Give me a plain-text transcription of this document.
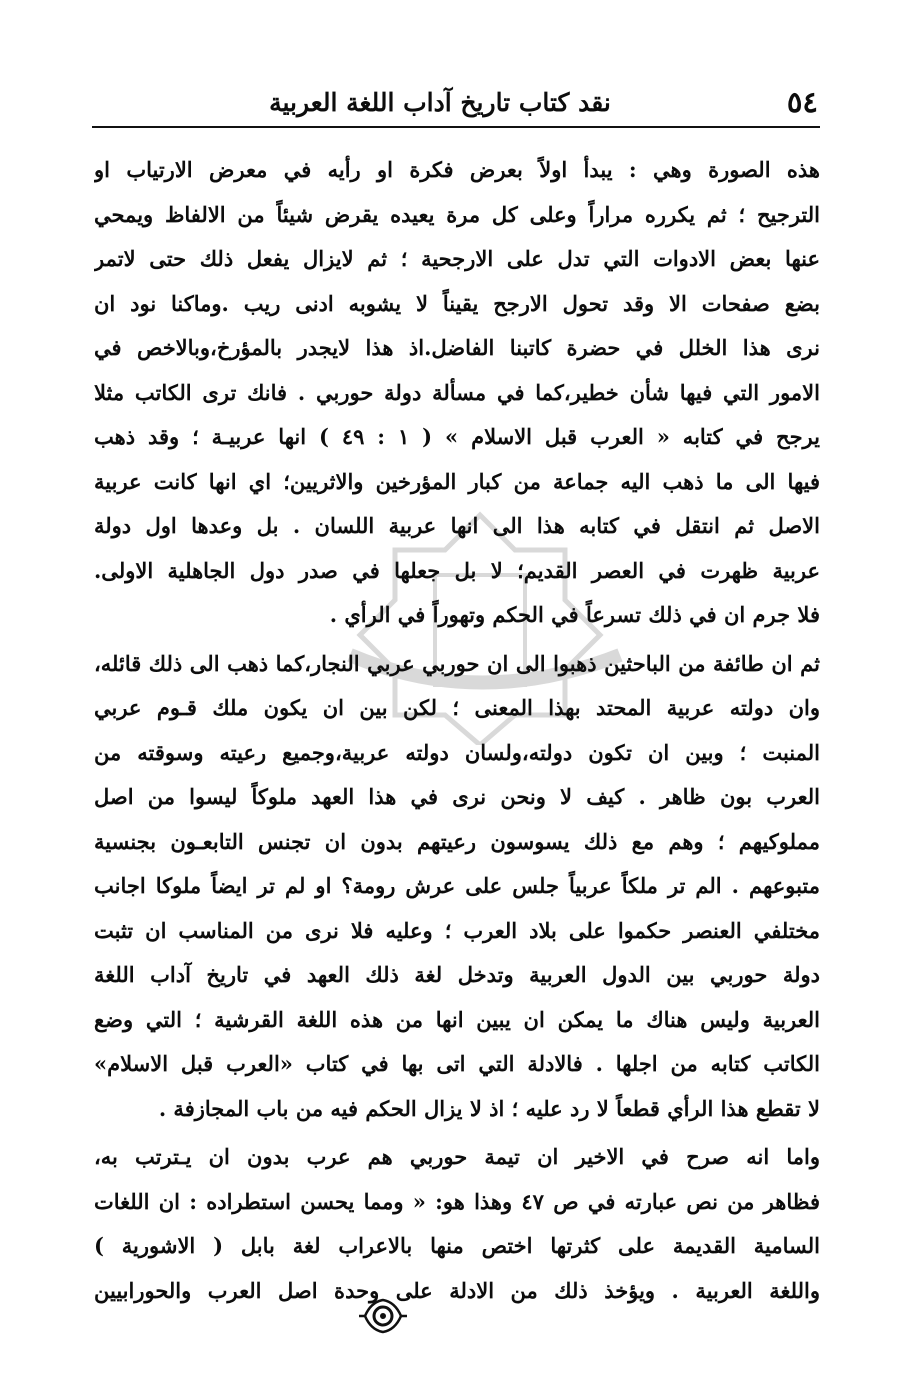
٥٤
نقد كتاب تاريخ آداب اللغة العربية
هذه الصورة وهي : يبدأ اولاً بعرض فكرة او رأيه في معرض الارتياب او
الترجيح ؛ ثم يكرره مراراً وعلى كل مرة يعيده يقرض شيئاً من الالفاظ ويمحي
عنها بعض الادوات التي تدل على الارجحية ؛ ثم لايزال يفعل ذلك حتى لاتمر
بضع صفحات الا وقد تحول الارجح يقيناً لا يشوبه ادنى ريب .وماكنا نود ان
نرى هذا الخلل في حضرة كاتبنا الفاضل.اذ هذا لايجدر بالمؤرخ،وبالاخص في
الامور التي فيها شأن خطير،كما في مسألة دولة حوربي . فانك ترى الكاتب مثلا
يرجح في كتابه « العرب قبل الاسلام » ( ١ : ٤٩ ) انها عربيـة ؛ وقد ذهب
فيها الى ما ذهب اليه جماعة من كبار المؤرخين والاثريين؛ اي انها كانت عربية
الاصل ثم انتقل في كتابه هذا الى انها عربية اللسان . بل وعدها اول دولة
عربية ظهرت في العصر القديم؛ لا بل جعلها في صدر دول الجاهلية الاولى.
فلا جرم ان في ذلك تسرعاً في الحكم وتهوراً في الرأي .
ثم ان طائفة من الباحثين ذهبوا الى ان حوربي عربي النجار،كما ذهب الى ذلك قائله،
وان دولته عربية المحتد بهذا المعنى ؛ لكن بين ان يكون ملك قـوم عربي
المنبت ؛ وبين ان تكون دولته،ولسان دولته عربية،وجميع رعيته وسوقته من
العرب بون ظاهر . كيف لا ونحن نرى في هذا العهد ملوكاً ليسوا من اصل
مملوكيهم ؛ وهم مع ذلك يسوسون رعيتهم بدون ان تجنس التابعـون بجنسية
متبوعهم . الم تر ملكاً عربياً جلس على عرش رومة؟ او لم تر ايضاً ملوكا اجانب
مختلفي العنصر حكموا على بلاد العرب ؛ وعليه فلا نرى من المناسب ان تثبت
دولة حوربي بين الدول العربية وتدخل لغة ذلك العهد في تاريخ آداب اللغة
العربية وليس هناك ما يمكن ان يبين انها من هذه اللغة القرشية ؛ التي وضع
الكاتب كتابه من اجلها . فالادلة التي اتى بها في كتاب «العرب قبل الاسلام»
لا تقطع هذا الرأي قطعاً لا رد عليه ؛ اذ لا يزال الحكم فيه من باب المجازفة .
واما انه صرح في الاخير ان تيمة حوربي هم عرب بدون ان يـترتب به،
فظاهر من نص عبارته في ص ٤٧ وهذا هو: « ومما يحسن استطراده : ان اللغات
السامية القديمة على كثرتها اختص منها بالاعراب لغة بابل ( الاشورية )
واللغة العربية . ويؤخذ ذلك من الادلة على وحدة اصل العرب والحورابيين
